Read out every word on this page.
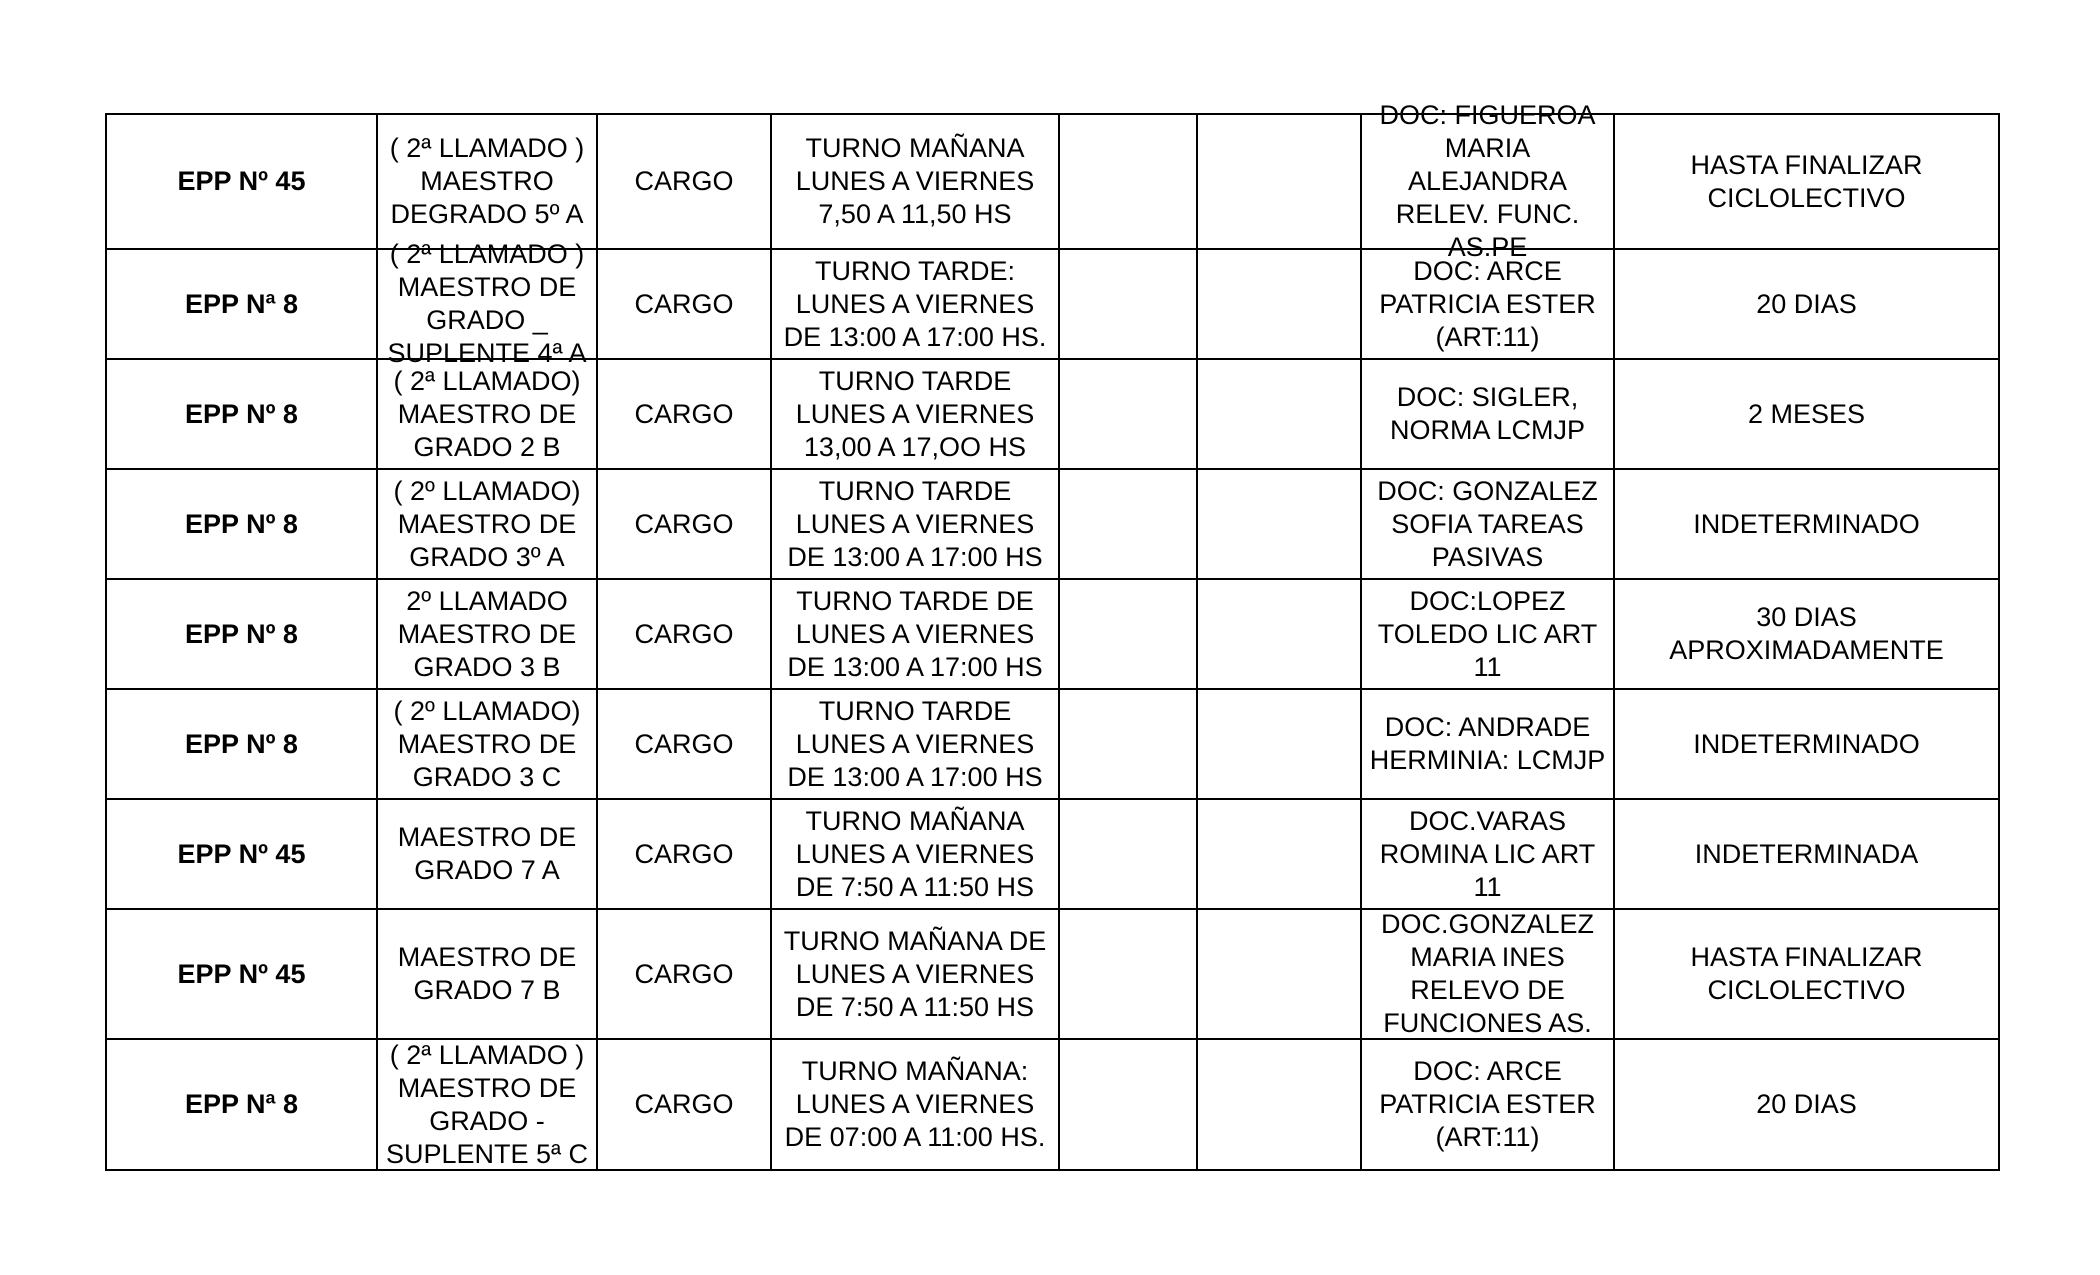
EPP Nº 45	( 2ª LLAMADO )
MAESTRO
DEGRADO 5º A	CARGO	TURNO MAÑANA
LUNES A VIERNES
7,50 A 11,50 HS			DOC: FIGUEROA
MARIA
ALEJANDRA
RELEV. FUNC.
AS.PE	HASTA FINALIZAR
CICLOLECTIVO

EPP Nª 8	( 2ª LLAMADO )
MAESTRO DE
GRADO _
SUPLENTE 4ª A	CARGO	TURNO TARDE:
LUNES A VIERNES
DE 13:00 A 17:00 HS.			DOC: ARCE
PATRICIA ESTER
(ART:11)	20 DIAS

EPP Nº 8	( 2ª LLAMADO)
MAESTRO DE
GRADO 2 B	CARGO	TURNO TARDE
LUNES A VIERNES
13,00 A 17,OO HS			DOC: SIGLER,
NORMA LCMJP	2 MESES

EPP Nº 8	( 2º LLAMADO)
MAESTRO DE
GRADO 3º A	CARGO	TURNO TARDE
LUNES A VIERNES
DE 13:00 A 17:00 HS			DOC: GONZALEZ
SOFIA TAREAS
PASIVAS	INDETERMINADO

EPP Nº 8	2º LLAMADO
MAESTRO DE
GRADO 3 B	CARGO	TURNO TARDE DE
LUNES A VIERNES
DE 13:00 A 17:00 HS			DOC:LOPEZ
TOLEDO LIC ART
11	30 DIAS
APROXIMADAMENTE

EPP Nº 8	( 2º LLAMADO)
MAESTRO DE
GRADO 3 C	CARGO	TURNO TARDE
LUNES A VIERNES
DE 13:00 A 17:00 HS			DOC: ANDRADE
HERMINIA: LCMJP	INDETERMINADO

EPP Nº 45	MAESTRO DE
GRADO 7 A	CARGO	TURNO MAÑANA
LUNES A VIERNES
DE 7:50 A 11:50 HS			DOC.VARAS
ROMINA LIC ART
11	INDETERMINADA

EPP Nº 45	MAESTRO DE
GRADO 7 B	CARGO	TURNO MAÑANA DE
LUNES A VIERNES
DE 7:50 A 11:50 HS			DOC.GONZALEZ
MARIA INES
RELEVO DE
FUNCIONES AS.	HASTA FINALIZAR
CICLOLECTIVO

EPP Nª 8	( 2ª LLAMADO )
MAESTRO DE
GRADO -
SUPLENTE 5ª C	CARGO	TURNO MAÑANA:
LUNES A VIERNES
DE 07:00 A 11:00 HS.			DOC: ARCE
PATRICIA ESTER
(ART:11)	20 DIAS
